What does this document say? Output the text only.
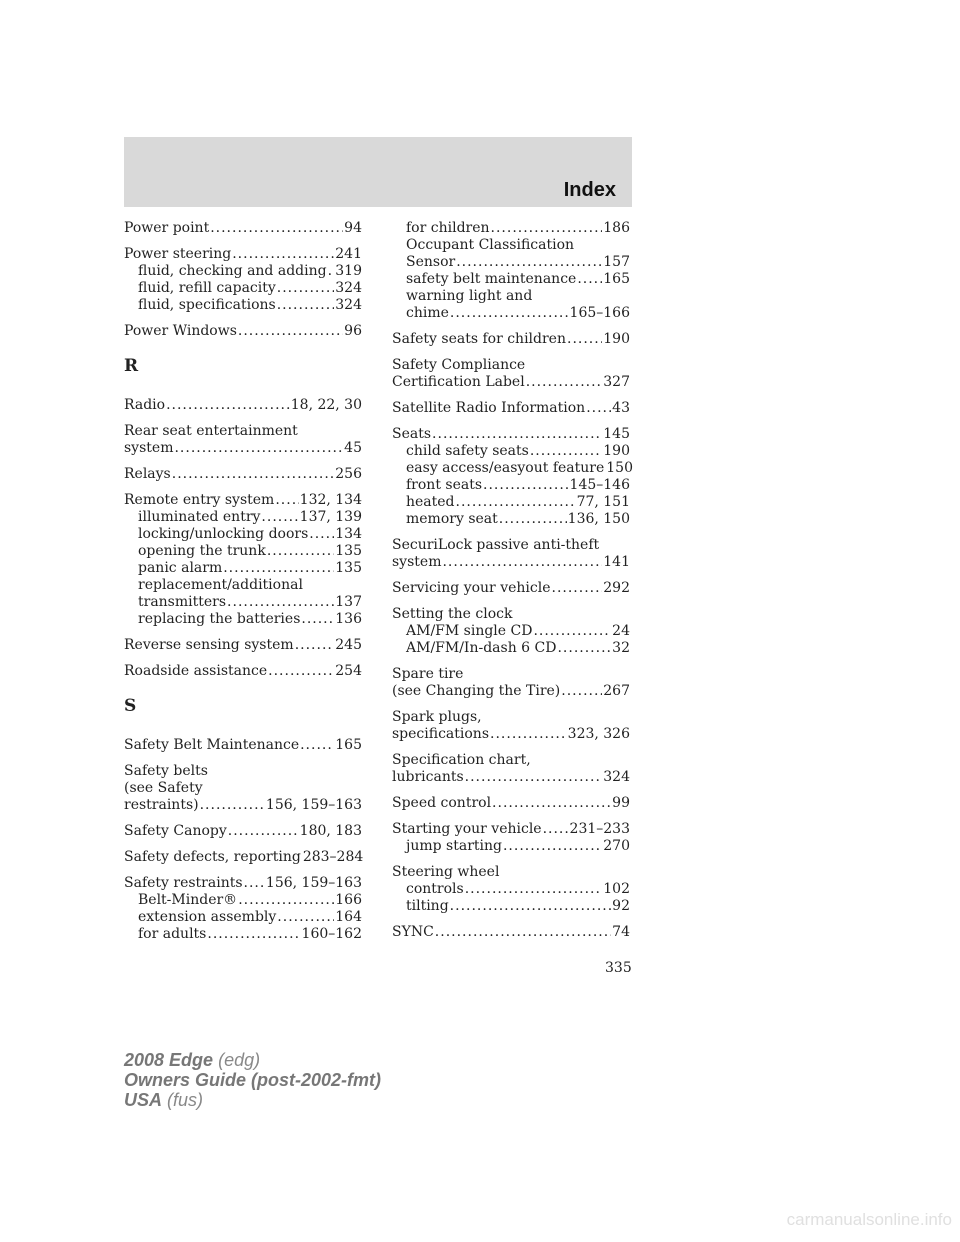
Index
Power point .....	94
Power steering .....	241
fluid, checking and adding ..... 319
fluid, refill capacity .....	324
fluid, specifications .....	324
Power Windows .....	96
R
Radio .....	18, 22, 30
Rear seat entertainment
system .....	45
Relays .....	256
Remote entry system ..... 132, 134
illuminated entry .....	137, 139
locking/unlocking doors ..... 134
opening the trunk .....	135
panic alarm .....	135
replacement/additional
transmitters .....	137
replacing the batteries ..... 136
Reverse sensing system .....	245
Roadside assistance .....	254
S
Safety Belt Maintenance .....	165
Safety belts
(see Safety
restraints) .....	156, 159–163
Safety Canopy .....	180, 183
Safety defects, reporting 283–284
Safety restraints ..... 156, 159–163
Belt-Minder® .....	166
extension assembly .....	164
for adults .....	160–162
for children .....	186
Occupant Classification
Sensor .....	157
safety belt maintenance ..... 165
warning light and
chime .....	165–166
Safety seats for children .....	190
Safety Compliance
Certification Label .....	327
Satellite Radio Information ..... 43
Seats .....	145
child safety seats .....	190
easy access/easyout feature 150
front seats .....	145–146
heated .....	77, 151
memory seat .....	136, 150
SecuriLock passive anti-theft
system .....	141
Servicing your vehicle .....	292
Setting the clock
AM/FM single CD .....	24
AM/FM/In-dash 6 CD .....	32
Spare tire
(see Changing the Tire) .....	267
Spark plugs,
specifications .....	323, 326
Specification chart,
lubricants .....	324
Speed control .....	99
Starting your vehicle ..... 231–233
jump starting .....	270
Steering wheel
controls .....	102
tilting .....	92
SYNC .....	74
335
2008 Edge (edg)
Owners Guide (post-2002-fmt)
USA (fus)
carmanualsonline.info
